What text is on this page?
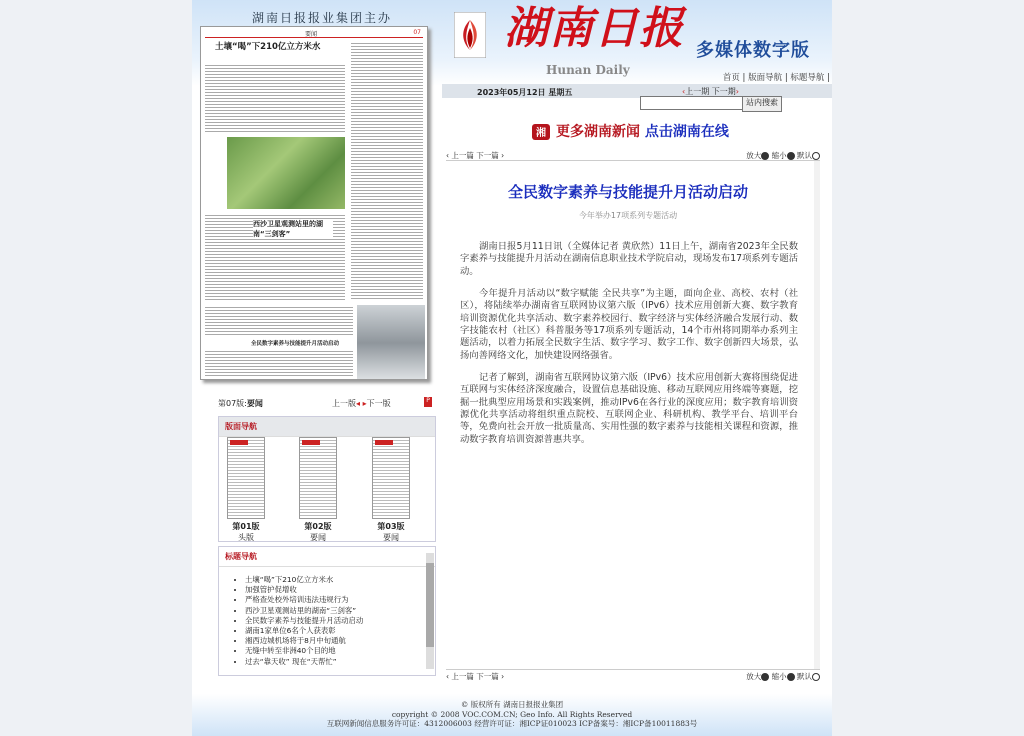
湖南日报报业集团主办	湖南日报
Hunan Daily
多媒体数字版
首页 | 版面导航 | 标题导航 |
2023年05月12日 星期五	‹上一期 下一期›
站内搜索
湘 更多湖南新闻 点击湖南在线
要闻	07
土壤“喝”下210亿立方米水
西沙卫星观测站里的湖南“三剑客”
全民数字素养与技能提升月活动启动
第07版:要闻	上一版◂ ▸下一版	P
版面导航
第01版
头版
第02版
要闻
第03版
要闻
标题导航
• 土壤“喝”下210亿立方米水
• 加强管护促增收
• 严格查处校外培训违法违规行为
• 西沙卫星观测站里的湖南“三剑客”
• 全民数字素养与技能提升月活动启动
• 湖南1家单位6名个人获表彰
• 湘西边城机场将于8月中旬通航
• 无缝中转至非洲40个目的地
• 过去“靠天收” 现在“天帮忙”
‹ 上一篇 下一篇 ›	放大 缩小 默认
全民数字素养与技能提升月活动启动
今年举办17项系列专题活动

湖南日报5月11日讯（全媒体记者 黄欣然）11日上午，湖南省2023年全民数字素养与技能提升月活动在湖南信息职业技术学院启动，现场发布17项系列专题活动。

今年提升月活动以“数字赋能 全民共享”为主题，面向企业、高校、农村（社区），将陆续举办湖南省互联网协议第六版（IPv6）技术应用创新大赛、数字教育培训资源优化共享活动、数字素养校园行、数字经济与实体经济融合发展行动、数字技能农村（社区）科普服务等17项系列专题活动，14个市州将同期举办系列主题活动，以着力拓展全民数字生活、数字学习、数字工作、数字创新四大场景，弘扬向善网络文化，加快建设网络强省。

记者了解到，湖南省互联网协议第六版（IPv6）技术应用创新大赛将围绕促进互联网与实体经济深度融合，设置信息基础设施、移动互联网应用终端等赛题，挖掘一批典型应用场景和实践案例，推动IPv6在各行业的深度应用；数字教育培训资源优化共享活动将组织重点院校、互联网企业、科研机构、教学平台、培训平台等，免费向社会开放一批质量高、实用性强的数字素养与技能相关课程和资源，推动数字教育培训资源普惠共享。

‹ 上一篇 下一篇 ›	放大 缩小 默认
© 版权所有 湖南日报报业集团
copyright © 2008 VOC.COM.CN; Geo Info. All Rights Reserved
互联网新闻信息服务许可证：4312006003 经营许可证：湘ICP证010023 ICP备案号：湘ICP备10011883号
